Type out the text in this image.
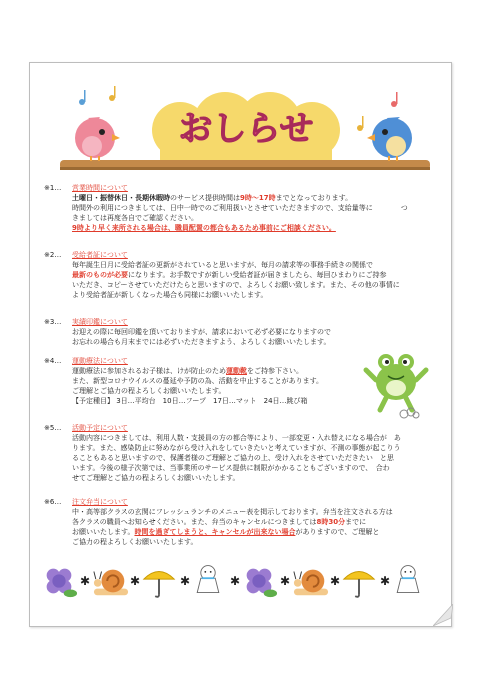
おしらせ
※1…	営業時間について
土曜日・振替休日・長期休暇時のサービス提供時間は9時～17時までとなっております。
時間外の利用につきましては、日中一時でのご利用扱いとさせていただきますので、支給量等に　　　　つ
きましては再度各自でご確認ください。
9時より早く来所される場合は、職員配置の都合もあるため事前にご相談ください。
※2…	受給者証について
毎年誕生日月に受給者証の更新がされていると思いますが、毎月の請求等の事務手続きの関係で
最新のものが必要になります。お手数ですが新しい受給者証が届きましたら、毎回ひまわりにご持参
いただき、コピーさせていただけたらと思いますので、よろしくお願い致します。また、その他の事情に
より受給者証が新しくなった場合も同様にお願いいたします。
※3…	実績印鑑について
お迎えの際に毎回印鑑を頂いておりますが、請求において必ず必要になりますので
お忘れの場合も月末までには必ずいただきますよう、よろしくお願いいたします。
※4…	運動療法について
運動療法に参加されるお子様は、けが防止のため運動靴をご持参下さい。
また、新型コロナウイルスの蔓延や予防の為、活動を中止することがあります。
ご理解とご協力の程よろしくお願いいたします。
【予定種目】 3日…平均台　10日…フープ　17日…マット　24日…跳び箱
※5…	活動予定について
活動内容につきましては、利用人数・支援員の方の都合等により、一部変更・入れ替えになる場合が　あ
ります。また、感染防止に努めながら受け入れをしていきたいと考えていますが、不測の事態が起こりう
ることもあると思いますので、保護者様のご理解とご協力の上、受け入れをさせていただきたい　と思
います。今後の様子次第では、当事業所のサービス提供に制限がかかることもございますので、　合わ
せてご理解とご協力の程よろしくお願いいたします。
※6…	注文弁当について
中・高等部クラスの玄関にフレッシュランチのメニュー表を掲示しております。弁当を注文される方は
各クラスの職員へお知らせください。また、弁当のキャンセルにつきましては8時30分までに
お願いいたします。時間を過ぎてしまうと、キャンセルが出来ない場合がありますので、ご理解と
ご協力の程よろしくお願いいたします。
✱	✱	✱	✱	✱	✱	✱
